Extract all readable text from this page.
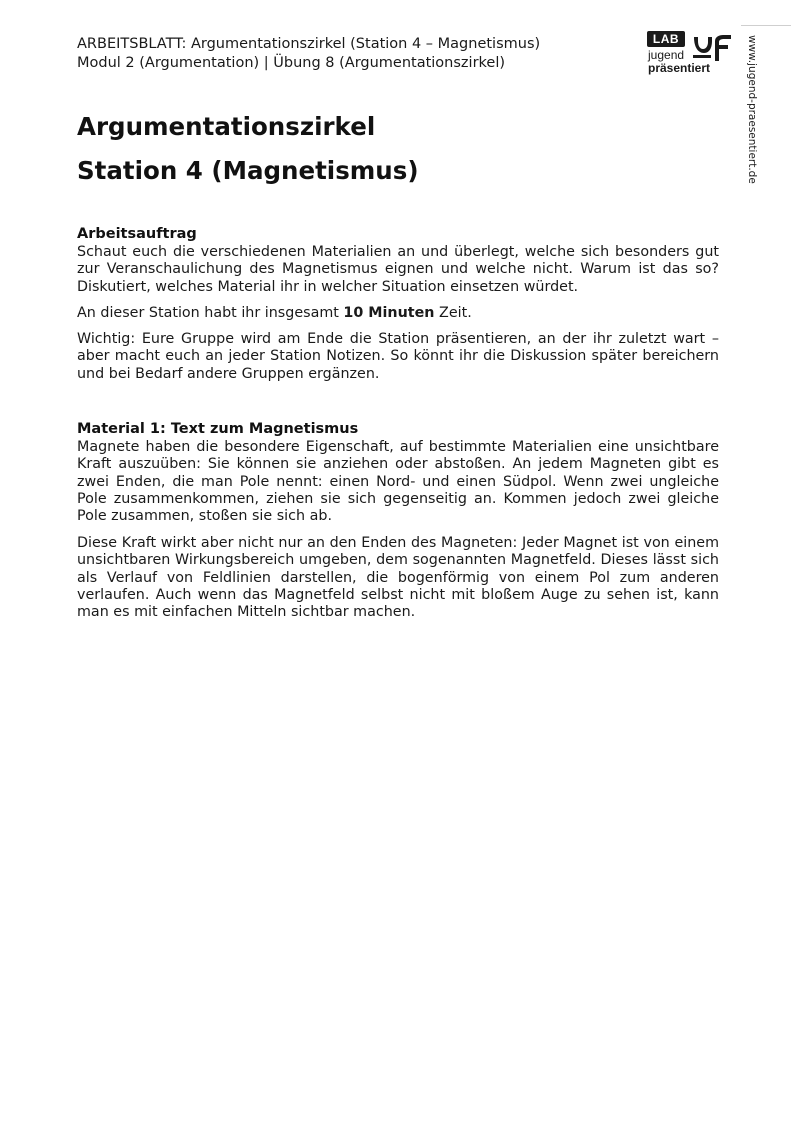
ARBEITSBLATT: Argumentationszirkel (Station 4 – Magnetismus)
Modul 2 (Argumentation) | Übung 8 (Argumentationszirkel)
LAB
jugend
präsentiert	www.jugend-praesentiert.de
Argumentationszirkel
Station 4 (Magnetismus)
Arbeitsauftrag
Schaut euch die verschiedenen Materialien an und überlegt, welche sich besonders gut zur Veranschaulichung des Magnetismus eignen und welche nicht. Warum ist das so? Diskutiert, welches Material ihr in welcher Situation einsetzen würdet.
An dieser Station habt ihr insgesamt 10 Minuten Zeit.
Wichtig: Eure Gruppe wird am Ende die Station präsentieren, an der ihr zuletzt wart – aber macht euch an jeder Station Notizen. So könnt ihr die Diskussion später bereichern und bei Bedarf andere Gruppen ergänzen.
Material 1: Text zum Magnetismus
Magnete haben die besondere Eigenschaft, auf bestimmte Materialien eine unsichtbare Kraft auszuüben: Sie können sie anziehen oder abstoßen. An jedem Magneten gibt es zwei Enden, die man Pole nennt: einen Nord- und einen Südpol. Wenn zwei ungleiche Pole zusammenkommen, ziehen sie sich gegenseitig an. Kommen jedoch zwei gleiche Pole zusammen, stoßen sie sich ab.
Diese Kraft wirkt aber nicht nur an den Enden des Magneten: Jeder Magnet ist von einem unsichtbaren Wirkungsbereich umgeben, dem sogenannten Magnetfeld. Dieses lässt sich als Verlauf von Feldlinien darstellen, die bogenförmig von einem Pol zum anderen verlaufen. Auch wenn das Magnetfeld selbst nicht mit bloßem Auge zu sehen ist, kann man es mit einfachen Mitteln sichtbar machen.
